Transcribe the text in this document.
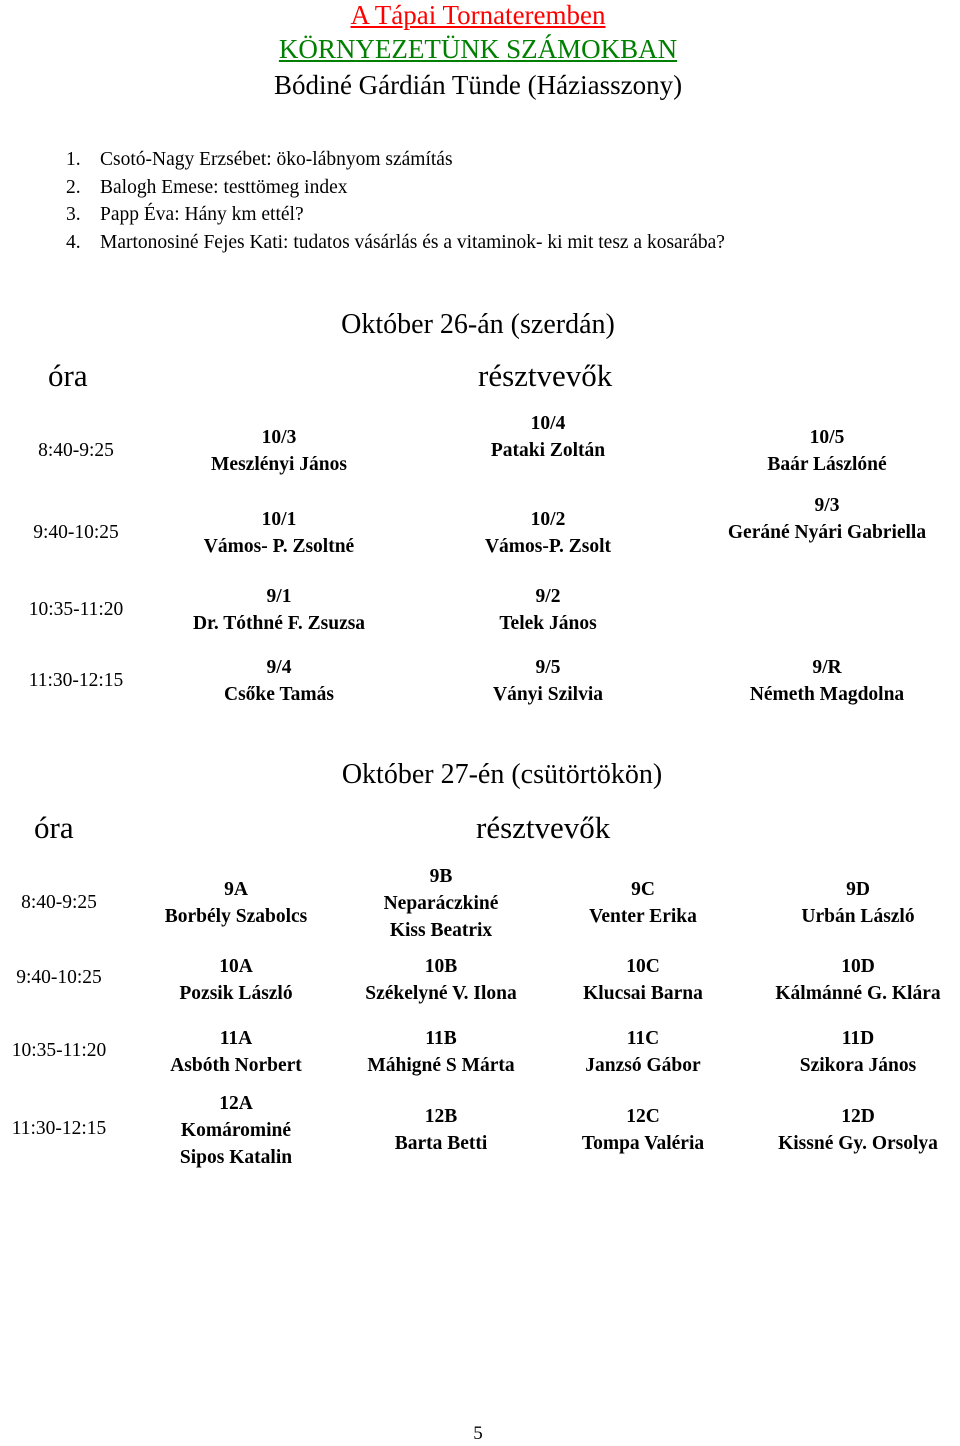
A Tápai Tornateremben
KÖRNYEZETÜNK SZÁMOKBAN
Bódiné Gárdián Tünde (Háziasszony)
1. Csotó-Nagy Erzsébet: öko-lábnyom számítás
2. Balogh Emese: testtömeg index
3. Papp Éva: Hány km ettél?
4. Martonosiné Fejes Kati: tudatos vásárlás és a vitaminok- ki mit tesz a kosarába?
Október 26-án (szerdán)
óra	résztvevők
8:40-9:25
9:40-10:25
10:35-11:20
11:30-12:15
10/3
Meszlényi János
10/4
Pataki Zoltán
10/5
Baár Lászlóné
10/1
Vámos- P. Zsoltné
10/2
Vámos-P. Zsolt
9/3
Geráné Nyári Gabriella
9/1
Dr. Tóthné F. Zsuzsa
9/2
Telek János
9/4
Csőke Tamás
9/5
Ványi Szilvia
9/R
Németh Magdolna
Október 27-én (csütörtökön)
óra	résztvevők
8:40-9:25
9:40-10:25
10:35-11:20
11:30-12:15
9A
Borbély Szabolcs
9B
Neparáczkiné
Kiss Beatrix
9C
Venter Erika
9D
Urbán László
10A
Pozsik László
10B
Székelyné V. Ilona
10C
Klucsai Barna
10D
Kálmánné G. Klára
11A
Asbóth Norbert
11B
Máhigné S Márta
11C
Janzsó Gábor
11D
Szikora János
12A
Komárominé
Sipos Katalin
12B
Barta Betti
12C
Tompa Valéria
12D
Kissné Gy. Orsolya
5
